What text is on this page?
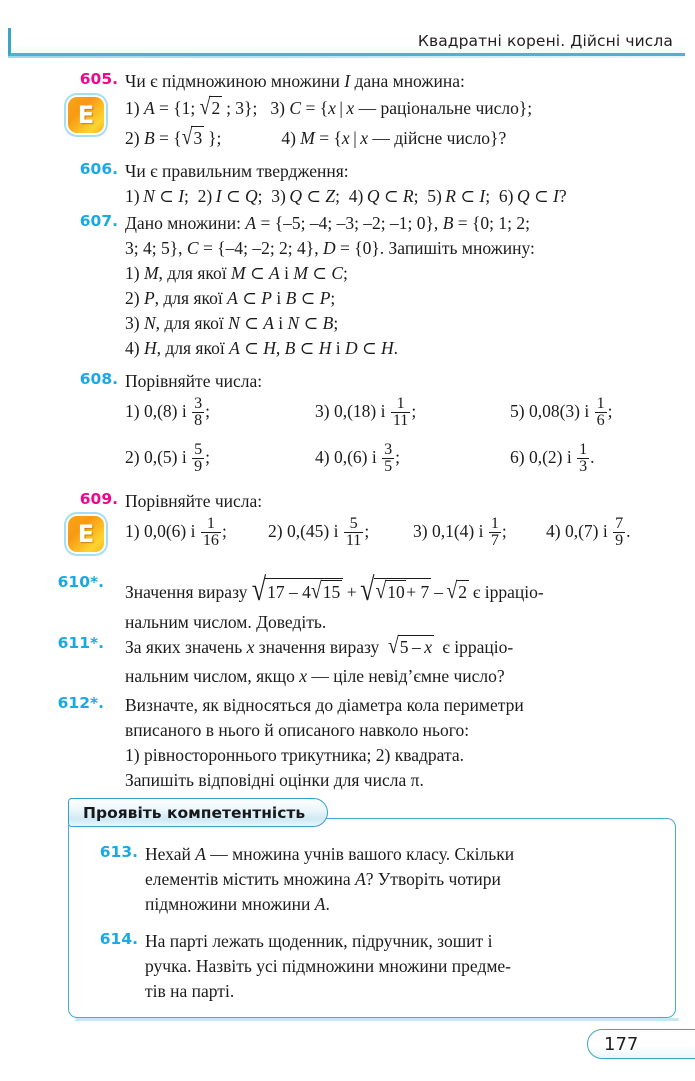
Квадратні корені. Дійсні числа
605. Чи є підмножиною множини I дана множина:
1) A = {1; √2 ; 3};   3) C = {x | x — раціональне число};
2) B = {√3 };	4) M = {x | x — дійсне число}?
E
606. Чи є правильним твердження:
1) N ⊂ I;  2) I ⊂ Q;  3) Q ⊂ Z;  4) Q ⊂ R;  5) R ⊂ I;  6) Q ⊂ I?
607. Дано множини: A = {–5; –4; –3; –2; –1; 0}, B = {0; 1; 2;
3; 4; 5}, C = {–4; –2; 2; 4}, D = {0}. Запишіть множину:
1) M, для якої M ⊂ A і M ⊂ C;
2) P, для якої A ⊂ P і B ⊂ P;
3) N, для якої N ⊂ A і N ⊂ B;
4) H, для якої A ⊂ H, B ⊂ H і D ⊂ H.
608. Порівняйте числа:
1) 0,(8) і $\frac{3}{8}$ ;	3) 0,(18) і $\frac{1}{11}$ ;	5) 0,08(3) і $\frac{1}{6}$ ;
2) 0,(5) і $\frac{5}{9}$ ;	4) 0,(6) і $\frac{3}{5}$ ;	6) 0,(2) і $\frac{1}{3}$ .
609. Порівняйте числа:
E 1) 0,0(6) і $\frac{1}{16}$ ;	2) 0,(45) і $\frac{5}{11}$ ;	3) 0,1(4) і $\frac{1}{7}$ ;	4) 0,(7) і $\frac{7}{9}$ .
610*. Значення виразу √17 – 4√15 + √√10+ 7 – √2 є ірраціо-
нальним числом. Доведіть.
611*. За яких значень x значення виразу  √5 – x є ірраціо-
нальним числом, якщо x — ціле невід’ємне число?
612*. Визначте, як відносяться до діаметра кола периметри
вписаного в нього й описаного навколо нього:
1) рівностороннього трикутника; 2) квадрата.
Запишіть відповідні оцінки для числа π.
Проявіть компетентність
613. Нехай A — множина учнів вашого класу. Скільки
елементів містить множина A? Утворіть чотири
підмножини множини A.
614. На парті лежать щоденник, підручник, зошит і
ручка. Назвіть усі підмножини множини предме-
тів на парті.
177
